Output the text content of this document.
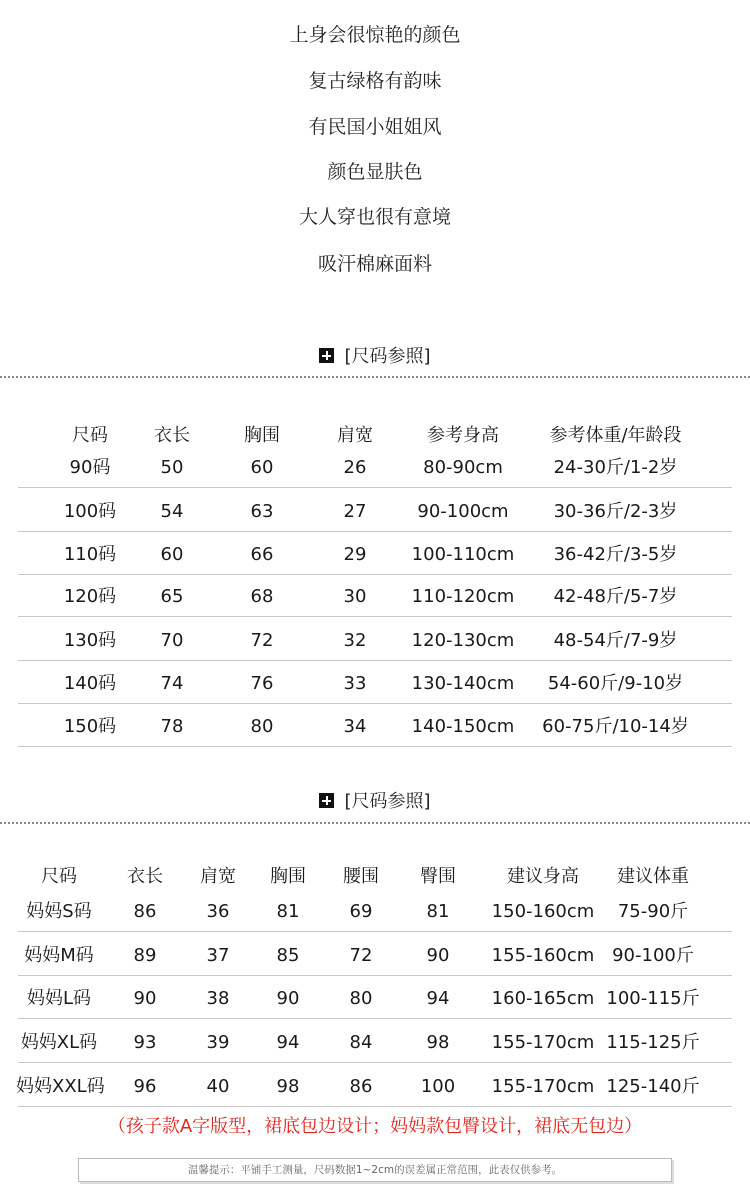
上身会很惊艳的颜色
复古绿格有韵味
有民国小姐姐风
颜色显肤色
大人穿也很有意境
吸汗棉麻面料
[尺码参照]
尺码	衣长	胸围	肩宽	参考身高	参考体重/年龄段
90码	50	60	26	80-90cm	24-30斤/1-2岁
100码	54	63	27	90-100cm	30-36斤/2-3岁
110码	60	66	29	100-110cm	36-42斤/3-5岁
120码	65	68	30	110-120cm	42-48斤/5-7岁
130码	70	72	32	120-130cm	48-54斤/7-9岁
140码	74	76	33	130-140cm	54-60斤/9-10岁
150码	78	80	34	140-150cm	60-75斤/10-14岁
[尺码参照]
尺码	衣长	肩宽	胸围	腰围	臀围	建议身高	建议体重
妈妈S码	86	36	81	69	81	150-160cm	75-90斤
妈妈M码	89	37	85	72	90	155-160cm 90-100斤
妈妈L码	90	38	90	80	94	160-165cm 100-115斤
妈妈XL码	93	39	94	84	98	155-170cm 115-125斤
妈妈XXL码	96	40	98	86	100	155-170cm 125-140斤
（孩子款A字版型，裙底包边设计；妈妈款包臀设计，裙底无包边）
温馨提示：平铺手工测量，尺码数据1~2cm的误差属正常范围，此表仅供参考。
